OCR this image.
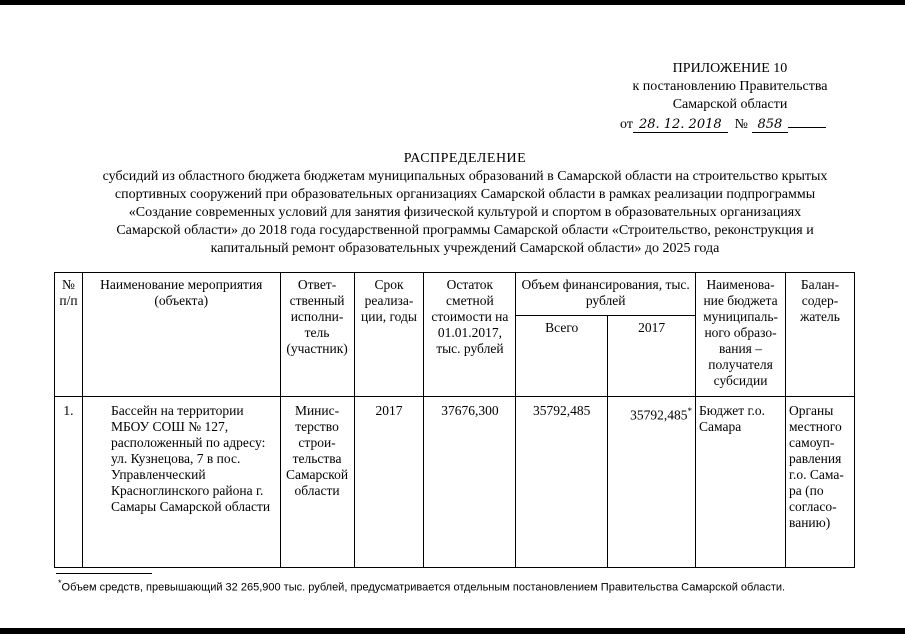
ПРИЛОЖЕНИЕ 10
к постановлению Правительства
Самарской области
от 28. 12. 2018 № 858
РАСПРЕДЕЛЕНИЕ
субсидий из областного бюджета бюджетам муниципальных образований в Самарской области на строительство крытых
спортивных сооружений при образовательных организациях Самарской области в рамках реализации подпрограммы
«Создание современных условий для занятия физической культурой и спортом в образовательных организациях
Самарской области» до 2018 года государственной программы Самарской области «Строительство, реконструкция и
капитальный ремонт образовательных учреждений Самарской области» до 2025 года
№ п/п	Наименование мероприятия (объекта)	Ответ-ственный исполни-тель (участник)	Срок реализа-ции, годы	Остаток сметной стоимости на 01.01.2017, тыс. рублей	Объем финансирования, тыс. рублей		Наименова-ние бюджета муниципаль-ного образо-вания – получателя субсидии	Балан-содер-жатель
					Всего	2017		
1.	Бассейн на территории МБОУ СОШ № 127, расположенный по адресу: ул. Кузнецова, 7 в пос. Управленческий Красноглинского района г. Самары Самарской области	Минис-терство строи-тельства Самарской области	2017	37676,300	35792,485	35792,485*	Бюджет г.о. Самара	Органы местного самоуп-равления г.о. Сама-ра (по согласо-ванию)
*Объем средств, превышающий 32 265,900 тыс. рублей, предусматривается отдельным постановлением Правительства Самарской области.
